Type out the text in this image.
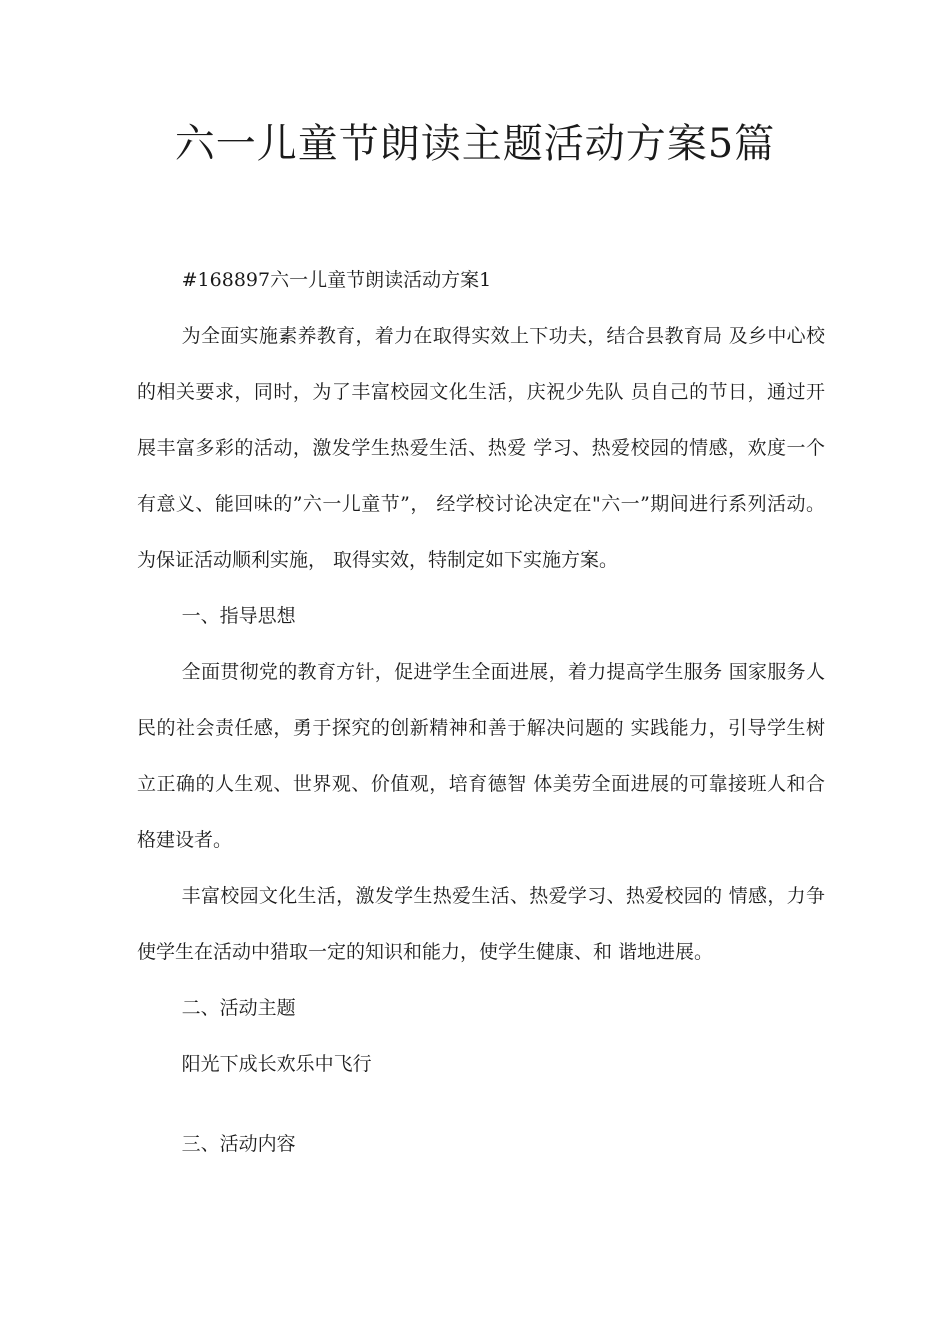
六一儿童节朗读主题活动方案5篇

#168897六一儿童节朗读活动方案1

为全面实施素养教育，着力在取得实效上下功夫，结合县教育局 及乡中心校的相关要求，同时，为了丰富校园文化生活，庆祝少先队 员自己的节日，通过开展丰富多彩的活动，激发学生热爱生活、热爱 学习、热爱校园的情感，欢度一个有意义、能回味的”六一儿童节”， 经学校讨论决定在"六一”期间进行系列活动。为保证活动顺利实施， 取得实效，特制定如下实施方案。

一、指导思想

全面贯彻党的教育方针，促进学生全面进展，着力提高学生服务 国家服务人民的社会责任感，勇于探究的创新精神和善于解决问题的 实践能力，引导学生树立正确的人生观、世界观、价值观，培育德智 体美劳全面进展的可靠接班人和合格建设者。

丰富校园文化生活，激发学生热爱生活、热爱学习、热爱校园的 情感，力争使学生在活动中猎取一定的知识和能力，使学生健康、和 谐地进展。

二、活动主题

阳光下成长欢乐中飞行

三、活动内容
